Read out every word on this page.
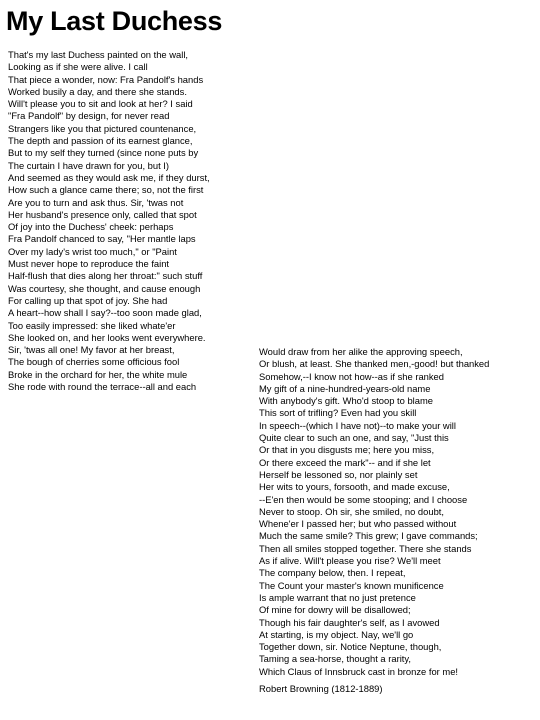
My Last Duchess
That's my last Duchess painted on the wall,
Looking as if she were alive. I call
That piece a wonder, now: Fra Pandolf's hands
Worked busily a day, and there she stands.
Will't please you to sit and look at her? I said
"Fra Pandolf" by design, for never read
Strangers like you that pictured countenance,
The depth and passion of its earnest glance,
But to my self they turned (since none puts by
The curtain I have drawn for you, but I)
And seemed as they would ask me, if they durst,
How such a glance came there; so, not the first
Are you to turn and ask thus. Sir, 'twas not
Her husband's presence only, called that spot
Of joy into the Duchess' cheek: perhaps
Fra Pandolf chanced to say, "Her mantle laps
Over my lady's wrist too much," or "Paint
Must never hope to reproduce the faint
Half-flush that dies along her throat:" such stuff
Was courtesy, she thought, and cause enough
For calling up that spot of joy. She had
A heart--how shall I say?--too soon made glad,
Too easily impressed: she liked whate'er
She looked on, and her looks went everywhere.
Sir, 'twas all one! My favor at her breast,
The bough of cherries some officious fool
Broke in the orchard for her, the white mule
She rode with round the terrace--all and each
Would draw from her alike the approving speech,
Or blush, at least. She thanked men,-good! but thanked
Somehow,--I know not how--as if she ranked
My gift of a nine-hundred-years-old name
With anybody's gift. Who'd stoop to blame
This sort of trifling? Even had you skill
In speech--(which I have not)--to make your will
Quite clear to such an one, and say, "Just this
Or that in you disgusts me; here you miss,
Or there exceed the mark"-- and if she let
Herself be lessoned so, nor plainly set
Her wits to yours, forsooth, and made excuse,
--E'en then would be some stooping; and I choose
Never to stoop. Oh sir, she smiled, no doubt,
Whene'er I passed her; but who passed without
Much the same smile? This grew; I gave commands;
Then all smiles stopped together. There she stands
As if alive. Will't please you rise? We'll meet
The company below, then. I repeat,
The Count your master's known munificence
Is ample warrant that no just pretence
Of mine for dowry will be disallowed;
Though his fair daughter's self, as I avowed
At starting, is my object. Nay, we'll go
Together down, sir. Notice Neptune, though,
Taming a sea-horse, thought a rarity,
Which Claus of Innsbruck cast in bronze for me!
Robert Browning (1812-1889)
